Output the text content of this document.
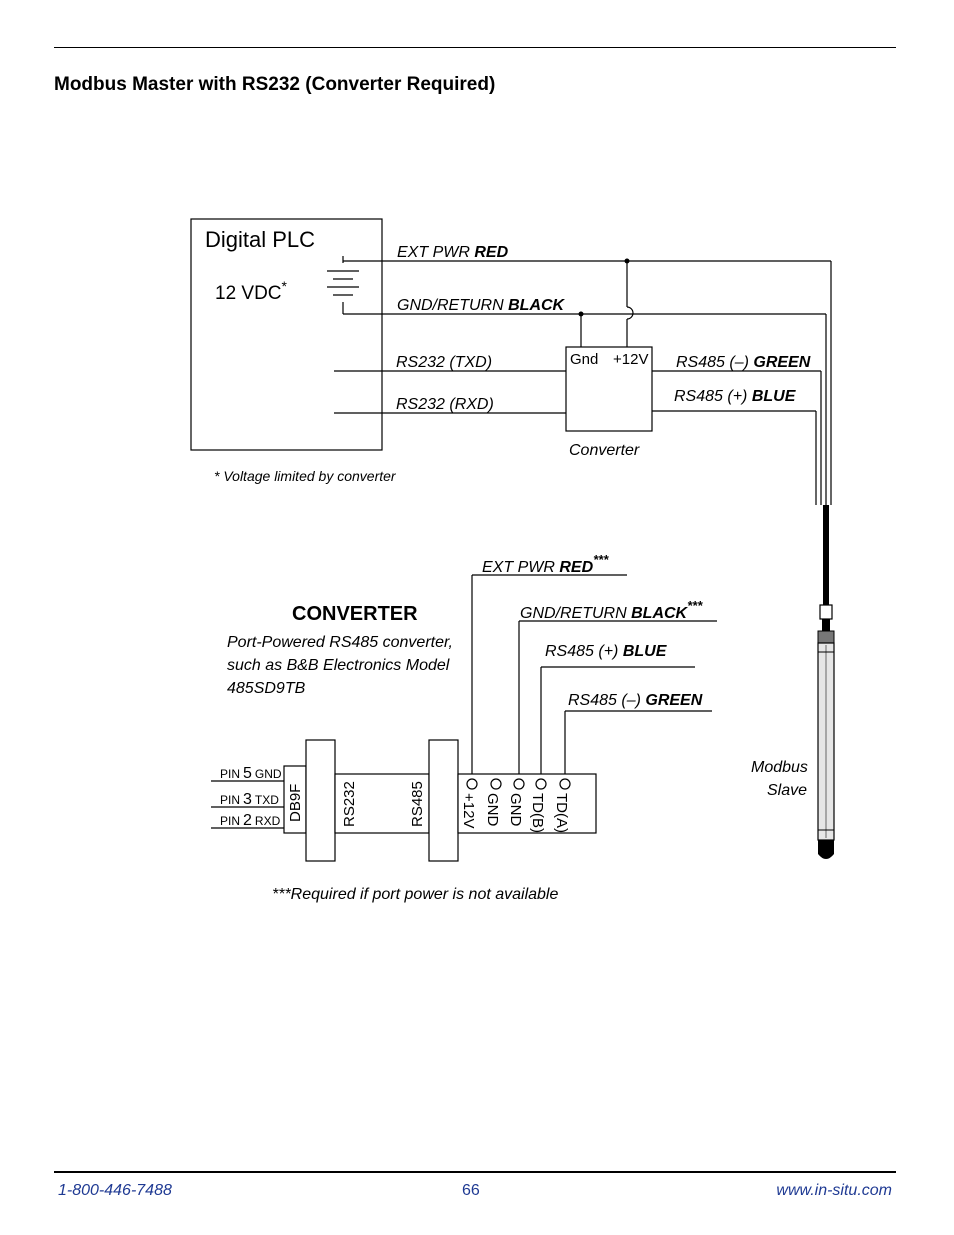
Modbus Master with RS232 (Converter Required)
Digital PLC
12 VDC*
EXT PWR RED
GND/RETURN BLACK
RS232 (TXD)
RS232 (RXD)
Gnd +12V
Converter
RS485 (–) GREEN
RS485 (+) BLUE
* Voltage limited by converter
Modbus
Slave
CONVERTER
Port-Powered RS485 converter,
such as B&B Electronics Model
485SD9TB
EXT PWR RED***
GND/RETURN BLACK***
RS485 (+) BLUE
RS485 (–) GREEN
PIN 5 GND
PIN 3 TXD
PIN 2 RXD DB9F RS232	RS485 +12V GND GND TD(B) TD(A)
***Required if port power is not available
1-800-446-7488	66	www.in-situ.com
